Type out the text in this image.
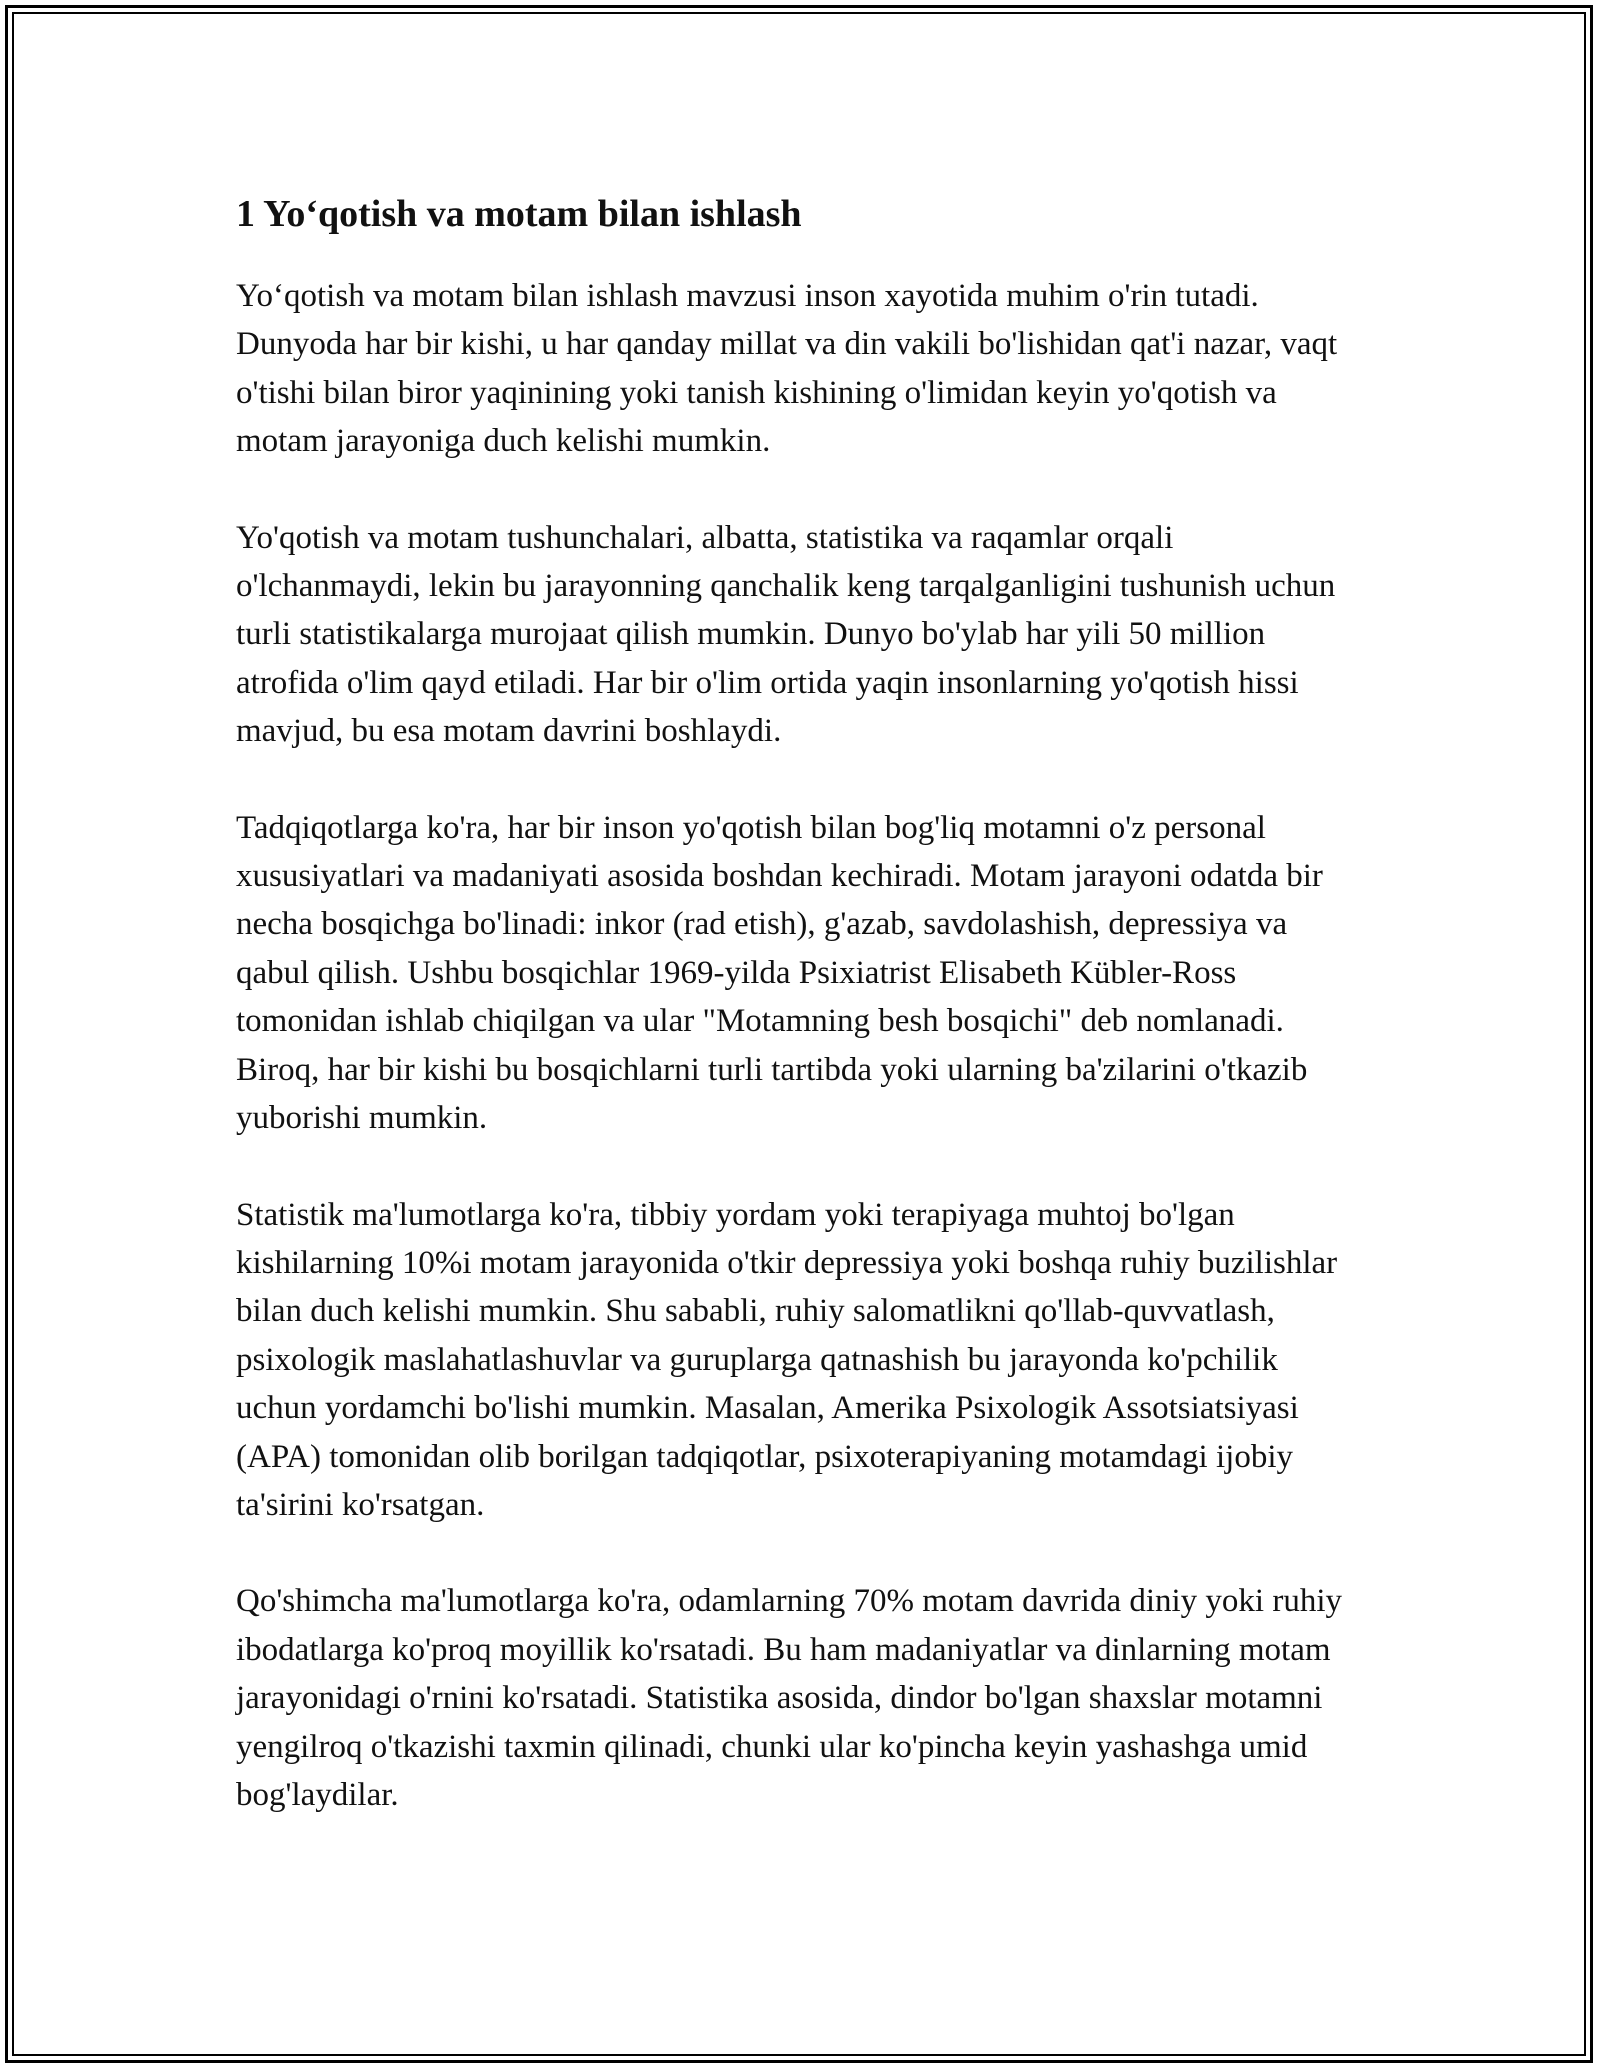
1 Yo‘qotish va motam bilan ishlash

Yo‘qotish va motam bilan ishlash mavzusi inson xayotida muhim o'rin tutadi. Dunyoda har bir kishi, u har qanday millat va din vakili bo'lishidan qat'i nazar, vaqt o'tishi bilan biror yaqinining yoki tanish kishining o'limidan keyin yo'qotish va motam jarayoniga duch kelishi mumkin.

Yo'qotish va motam tushunchalari, albatta, statistika va raqamlar orqali o'lchanmaydi, lekin bu jarayonning qanchalik keng tarqalganligini tushunish uchun turli statistikalarga murojaat qilish mumkin. Dunyo bo'ylab har yili 50 million atrofida o'lim qayd etiladi. Har bir o'lim ortida yaqin insonlarning yo'qotish hissi mavjud, bu esa motam davrini boshlaydi.

Tadqiqotlarga ko'ra, har bir inson yo'qotish bilan bog'liq motamni o'z personal xususiyatlari va madaniyati asosida boshdan kechiradi. Motam jarayoni odatda bir necha bosqichga bo'linadi: inkor (rad etish), g'azab, savdolashish, depressiya va qabul qilish. Ushbu bosqichlar 1969-yilda Psixiatrist Elisabeth Kübler-Ross tomonidan ishlab chiqilgan va ular "Motamning besh bosqichi" deb nomlanadi. Biroq, har bir kishi bu bosqichlarni turli tartibda yoki ularning ba'zilarini o'tkazib yuborishi mumkin.

Statistik ma'lumotlarga ko'ra, tibbiy yordam yoki terapiyaga muhtoj bo'lgan kishilarning 10%i motam jarayonida o'tkir depressiya yoki boshqa ruhiy buzilishlar bilan duch kelishi mumkin. Shu sababli, ruhiy salomatlikni qo'llab-quvvatlash, psixologik maslahatlashuvlar va guruplarga qatnashish bu jarayonda ko'pchilik uchun yordamchi bo'lishi mumkin. Masalan, Amerika Psixologik Assotsiatsiyasi (APA) tomonidan olib borilgan tadqiqotlar, psixoterapiyaning motamdagi ijobiy ta'sirini ko'rsatgan.

Qo'shimcha ma'lumotlarga ko'ra, odamlarning 70% motam davrida diniy yoki ruhiy ibodatlarga ko'proq moyillik ko'rsatadi. Bu ham madaniyatlar va dinlarning motam jarayonidagi o'rnini ko'rsatadi. Statistika asosida, dindor bo'lgan shaxslar motamni yengilroq o'tkazishi taxmin qilinadi, chunki ular ko'pincha keyin yashashga umid bog'laydilar.
